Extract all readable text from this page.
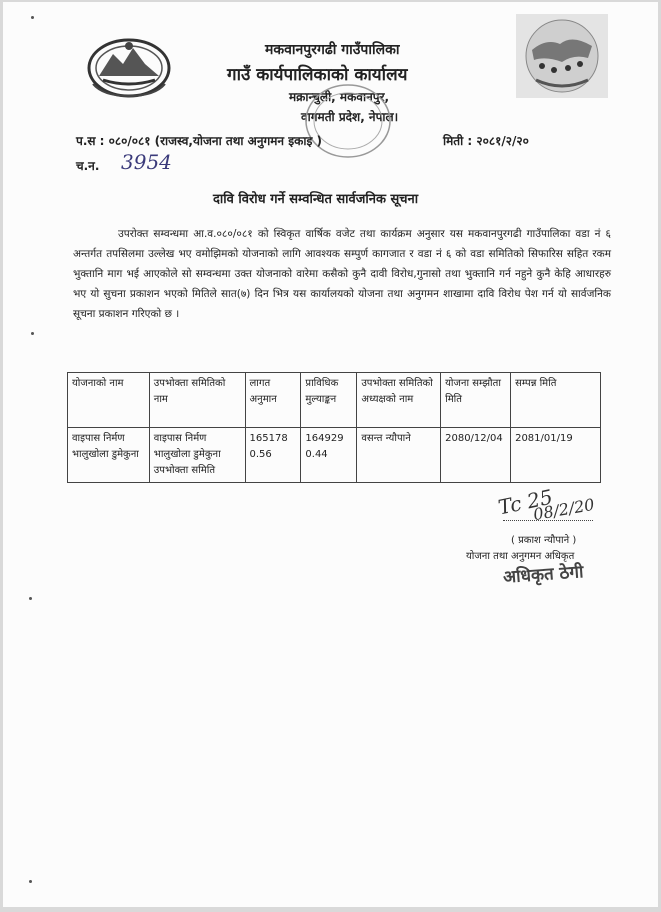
मकवानपुरगढी गाउँपालिका
गाउँ कार्यपालिकाको कार्यालय
मक्रान्चुली, मकवानपुर,
वागमती प्रदेश, नेपाल।
प.स : ०८०/०८१ (राजस्व,योजना तथा अनुगमन इकाइ )	मिती : २०८१/२/२०
च.न. 3954
दावि विरोध गर्ने सम्वन्धित सार्वजनिक सूचना

उपरोक्त सम्वन्धमा आ.व.०८०/०८१ को स्विकृत वार्षिक वजेट तथा कार्यक्रम अनुसार यस मकवानपुरगढी गाउँपालिका वडा नं ६ अन्तर्गत तपसिलमा उल्लेख भए वमोझिमको योजनाको लागि आवश्यक सम्पुर्ण कागजात र वडा नं ६ को वडा समितिको सिफारिस सहित रकम भुक्तानि माग भई आएकोले सो सम्वन्धमा उक्त योजनाको वारेमा कसैको कुनै दावी विरोध,गुनासो तथा भुक्तानि गर्न नहुने कुनै केहि आधारहरु भए यो सुचना प्रकाशन भएको मितिले सात(७) दिन भित्र यस कार्यालयको योजना तथा अनुगमन शाखामा दावि विरोध पेश गर्न यो सार्वजनिक सूचना प्रकाशन गरिएको छ ।

योजनाको नाम	उपभोक्ता समितिको नाम	लागत अनुमान	प्राविधिक मुल्याङ्कन	उपभोक्ता समितिको अध्यक्षको नाम	योजना सम्झौता मिति	सम्पन्न मिति
वाइपास निर्मण भालुखोला डुमेकुना	वाइपास निर्मण भालुखोला डुमेकुना उपभोक्ता समिति	1651780.56	1649290.44	वसन्त न्यौपाने	2080/12/04	2081/01/19
Tc 25
08/2/20
( प्रकाश न्यौपाने )
योजना तथा अनुगमन अधिकृत
अधिकृत ठेगी
